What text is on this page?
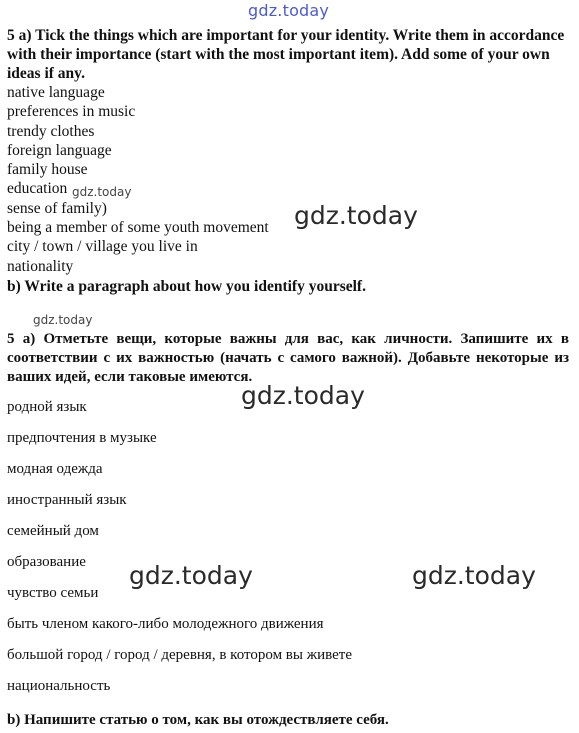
gdz.today

5 a) Tick the things which are important for your identity. Write them in accordance with their importance (start with the most important item). Add some of your own ideas if any.

native language
preferences in music
trendy clothes
foreign language
family house
education
sense of family)
being a member of some youth movement
city / town / village you live in
nationality

b) Write a paragraph about how you identify yourself.

gdz.today
gdz.today
gdz.today

5 а) Отметьте вещи, которые важны для вас, как личности. Запишите их в соответствии с их важностью (начать с самого важной). Добавьте некоторые из ваших идей, если таковые имеются.

родной язык
предпочтения в музыке
модная одежда
иностранный язык
семейный дом
образование
чувство семьи
быть членом какого-либо молодежного движения
большой город / город / деревня, в котором вы живете
национальность

b) Напишите статью о том, как вы отождествляете себя.

gdz.today
gdz.today	gdz.today
